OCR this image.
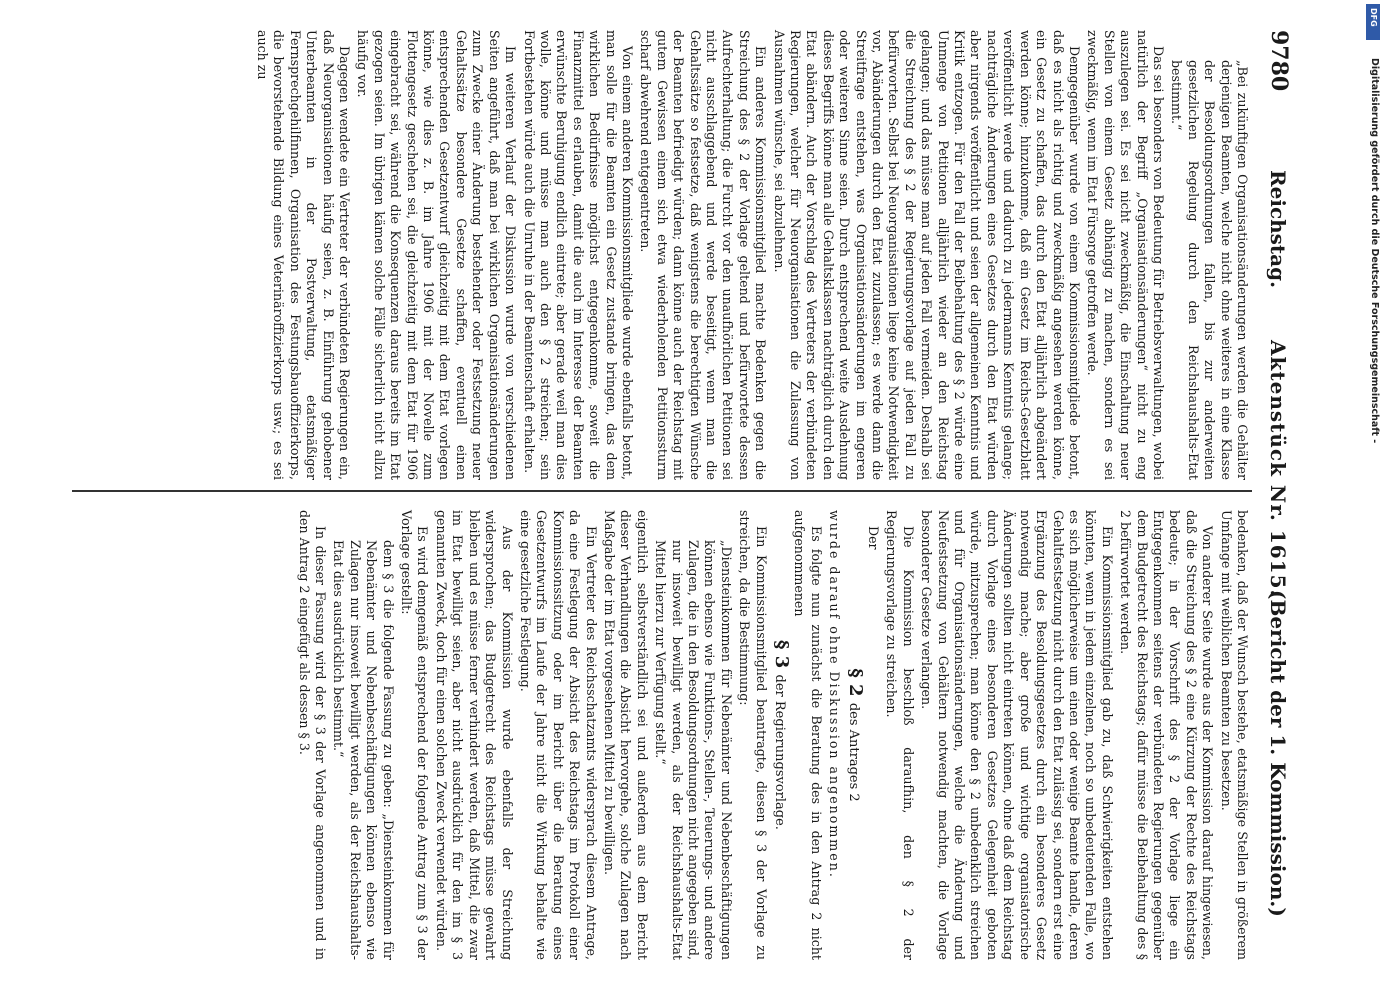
9780
Reichstag.
Aktenstück Nr. 1615.
(Bericht der 1. Kommission.)

„Bei zukünftigen Organisationsänderungen werden die Gehälter derjenigen Beamten, welche nicht ohne weiteres in eine Klasse der Besoldungsordnungen fallen, bis zur anderweiten gesetzlichen Regelung durch den Reichshaushalts-Etat bestimmt.“

Das sei besonders von Bedeutung für Betriebsverwaltungen, wobei natürlich der Begriff „Organisationsänderungen“ nicht zu eng auszulegen sei. Es sei nicht zweckmäßig, die Einschaltung neuer Stellen von einem Gesetz abhängig zu machen, sondern es sei zweckmäßig, wenn im Etat Fürsorge getroffen werde.

Demgegenüber wurde von einem Kommissionsmitgliede betont, daß es nicht als richtig und zweckmäßig angesehen werden könne, ein Gesetz zu schaffen, das durch den Etat alljährlich abgeändert werden könne; hinzukomme, daß ein Gesetz im Reichs-Gesetzblatt veröffentlicht werde und dadurch zu jedermanns Kenntnis gelange; nachträgliche Änderungen eines Gesetzes durch den Etat würden aber nirgends veröffentlicht und seien der allgemeinen Kenntnis und Kritik entzogen. Für den Fall der Beibehaltung des § 2 würde eine Unmenge von Petitionen alljährlich wieder an den Reichstag gelangen; und das müsse man auf jeden Fall vermeiden. Deshalb sei die Streichung des § 2 der Regierungsvorlage auf jeden Fall zu befürworten. Selbst bei Neuorganisationen liege keine Notwendigkeit vor, Abänderungen durch den Etat zuzulassen; es werde dann die Streitfrage entstehen, was Organisationsänderungen im engeren oder weiteren Sinne seien. Durch entsprechend weite Ausdehnung dieses Begriffs könne man alle Gehaltsklassen nachträglich durch den Etat abändern. Auch der Vorschlag des Vertreters der verbündeten Regierungen, welcher für Neuorganisationen die Zulassung von Ausnahmen wünsche, sei abzulehnen.

Ein anderes Kommissionsmitglied machte Bedenken gegen die Streichung des § 2 der Vorlage geltend und befürwortete dessen Aufrechterhaltung; die Furcht vor den unaufhörlichen Petitionen sei nicht ausschlaggebend und werde beseitigt, wenn man die Gehaltssätze so festsetze, daß wenigstens die berechtigten Wünsche der Beamten befriedigt würden; dann könne auch der Reichstag mit gutem Gewissen einem sich etwa wiederholenden Petitionssturm scharf abwehrend entgegentreten.

Von einem anderen Kommissionsmitgliede wurde ebenfalls betont, man solle für die Beamten ein Gesetz zustande bringen, das dem wirklichen Bedürfnisse möglichst entgegenkomme, soweit die Finanzmittel es erlauben, damit die auch im Interesse der Beamten erwünschte Beruhigung endlich eintrete; aber gerade weil man dies wolle, könne und müsse man auch den § 2 streichen; sein Fortbestehen würde auch die Unruhe in der Beamtenschaft erhalten.

Im weiteren Verlauf der Diskussion wurde von verschiedenen Seiten angeführt, daß man bei wirklichen Organisationsänderungen zum Zwecke einer Änderung bestehender oder Festsetzung neuer Gehaltssätze besondere Gesetze schaffen, eventuell einen entsprechenden Gesetzentwurf gleichzeitig mit dem Etat vorlegen könne, wie dies z. B. im Jahre 1906 mit der Novelle zum Flottengesetz geschehen sei, die gleichzeitig mit dem Etat für 1906 eingebracht sei, während die Konsequenzen daraus bereits im Etat gezogen seien. Im übrigen kämen solche Fälle sicherlich nicht allzu häufig vor.

Dagegen wendete ein Vertreter der verbündeten Regierungen ein, daß Neuorganisationen häufig seien, z. B. Einführung gehobener Unterbeamten in der Postverwaltung, etatsmäßiger Fernsprechgehilfinnen, Organisation des Festungsbauoffizierkorps, die bevorstehende Bildung eines Veterinäroffizierkorps usw.; es sei auch zu

bedenken, daß der Wunsch bestehe, etatsmäßige Stellen in größerem Umfange mit weiblichen Beamten zu besetzen.

Von anderer Seite wurde aus der Kommission darauf hingewiesen, daß die Streichung des § 2 eine Kürzung der Rechte des Reichstags bedeute; in der Vorschrift des § 2 der Vorlage liege ein Entgegenkommen seitens der verbündeten Regierungen gegenüber dem Budgetrecht des Reichstags; dafür müsse die Beibehaltung des § 2 befürwortet werden.

Ein Kommissionsmitglied gab zu, daß Schwierigkeiten entstehen könnten, wenn in jedem einzelnen, noch so unbedeutenden Falle, wo es sich möglicherweise um einen oder wenige Beamte handle, deren Gehaltfestsetzung nicht durch den Etat zulässig sei, sondern erst eine Ergänzung des Besoldungsgesetzes durch ein besonderes Gesetz notwendig mache; aber große und wichtige organisatorische Änderungen sollten nicht eintreten können, ohne daß dem Reichstag durch Vorlage eines besonderen Gesetzes Gelegenheit geboten würde, mitzusprechen; man könne den § 2 unbedenklich streichen und für Organisationsänderungen, welche die Änderung und Neufestsetzung von Gehältern notwendig machten, die Vorlage besonderer Gesetze verlangen.

Die Kommission beschloß daraufhin, den § 2 der Regierungsvorlage zu streichen.

Der

§ 2 des Antrages 2

wurde darauf ohne Diskussion angenommen.

Es folgte nun zunächst die Beratung des in den Antrag 2 nicht aufgenommenen

§ 3 der Regierungsvorlage.

Ein Kommissionsmitglied beantragte, diesen § 3 der Vorlage zu streichen, da die Bestimmung:

„Diensteinkommen für Nebenämter und Nebenbeschäftigungen können ebenso wie Funktions-, Stellen-, Teuerungs- und andere Zulagen, die in den Besoldungsordnungen nicht angegeben sind, nur insoweit bewilligt werden, als der Reichshaushalts-Etat Mittel hierzu zur Verfügung stellt.“

eigentlich selbstverständlich sei und außerdem aus dem Bericht dieser Verhandlungen die Absicht hervorgehe, solche Zulagen nach Maßgabe der im Etat vorgesehenen Mittel zu bewilligen.

Ein Vertreter des Reichsschatzamts widersprach diesem Antrage, da eine Festlegung der Absicht des Reichstags im Protokoll einer Kommissionssitzung oder im Bericht über die Beratung eines Gesetzentwurfs im Laufe der Jahre nicht die Wirkung behalte wie eine gesetzliche Festlegung.

Aus der Kommission wurde ebenfalls der Streichung widersprochen; das Budgetrecht des Reichstags müsse gewahrt bleiben und es müsse ferner verhindert werden, daß Mittel, die zwar im Etat bewilligt seien, aber nicht ausdrücklich für den im § 3 genannten Zweck, doch für einen solchen Zweck verwendet würden.

Es wird demgemäß entsprechend der folgende Antrag zum § 3 der Vorlage gestellt:

dem § 3 die folgende Fassung zu geben: „Diensteinkommen für Nebenämter und Nebenbeschäftigungen können ebenso wie Zulagen nur insoweit bewilligt werden, als der Reichshaushalts-Etat dies ausdrücklich bestimmt.“

In dieser Fassung wird der § 3 der Vorlage angenommen und in den Antrag 2 eingefügt als dessen § 3.

DFG
Digitalisierung gefördert durch die Deutsche Forschungsgemeinschaft -
